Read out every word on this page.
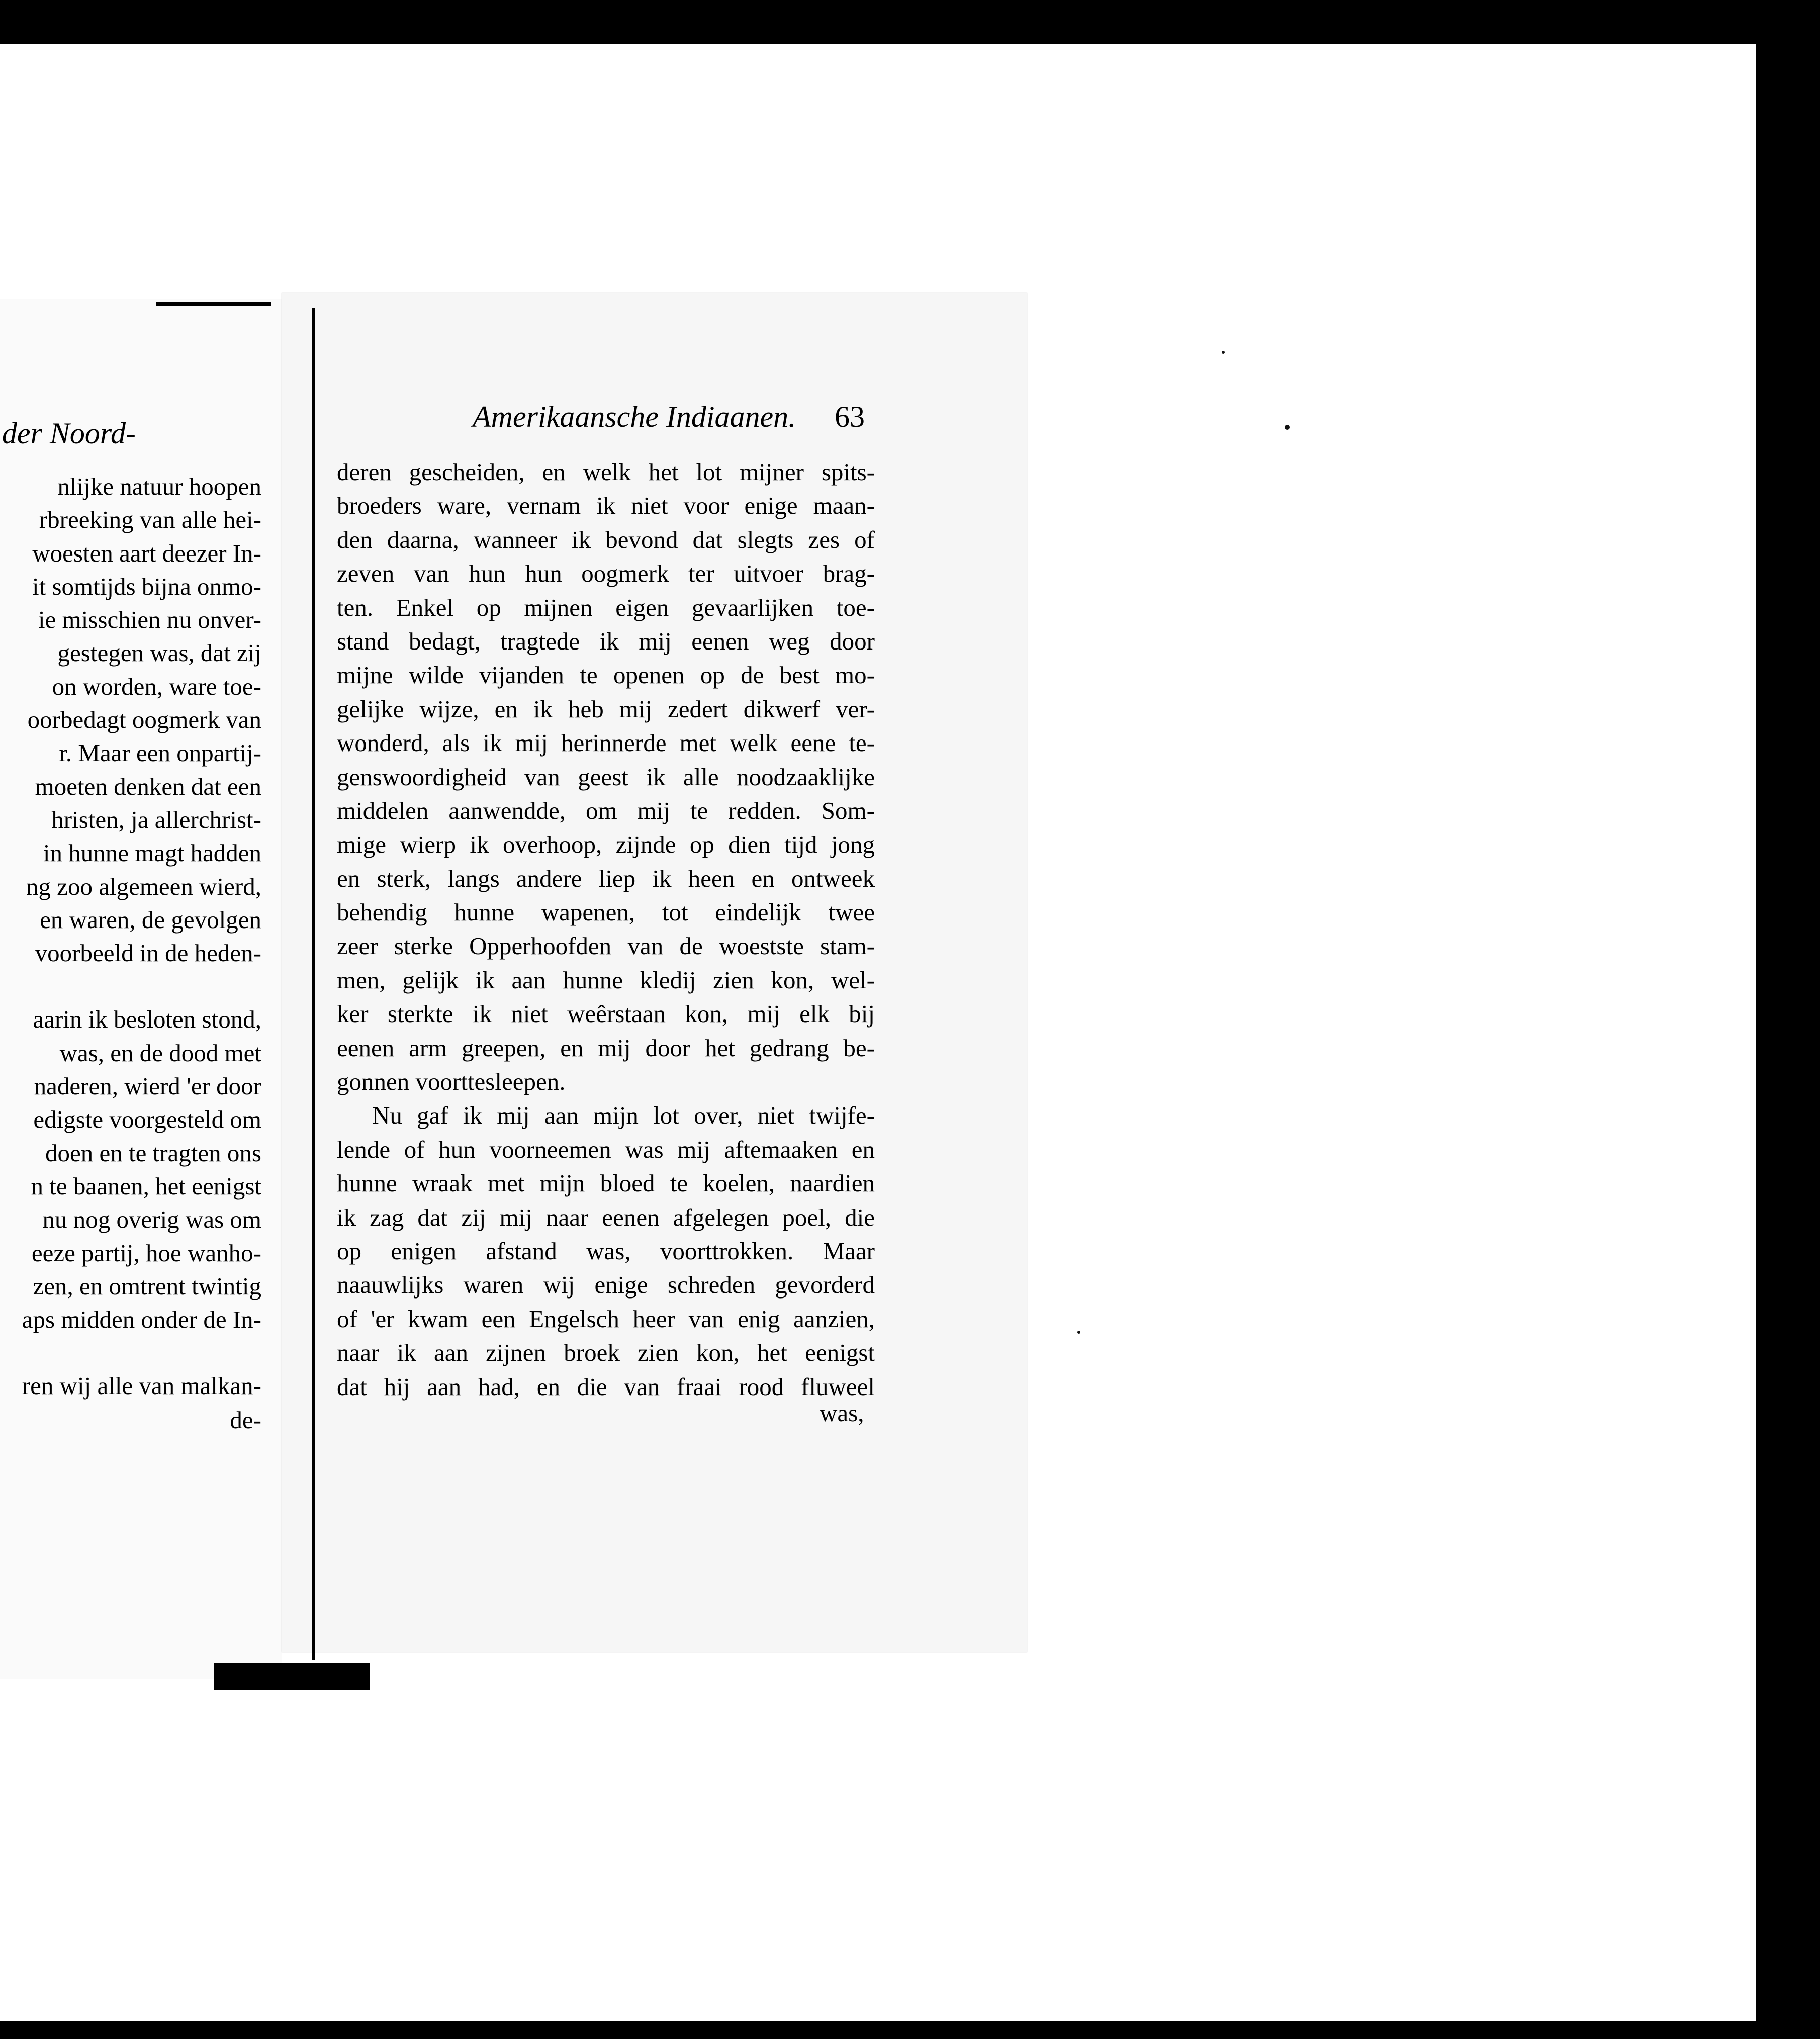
der Noord-
nlijke natuur hoopen
rbreeking van alle hei-
woesten aart deezer In-
it somtijds bijna onmo-
ie misschien nu onver-
gestegen was, dat zij
on worden, ware toe-
oorbedagt oogmerk van
r. Maar een onpartij-
moeten denken dat een
hristen, ja allerchrist-
in hunne magt hadden
ng zoo algemeen wierd,
en waren, de gevolgen
voorbeeld in de heden-
aarin ik besloten stond,
was, en de dood met
naderen, wierd 'er door
edigste voorgesteld om
doen en te tragten ons
n te baanen, het eenigst
nu nog overig was om
eeze partij, hoe wanho-
zen, en omtrent twintig
aps midden onder de In-
ren wij alle van malkan-
de-
Amerikaansche Indiaanen. 63
deren gescheiden, en welk het lot mijner spits-
broeders ware, vernam ik niet voor enige maan-
den daarna, wanneer ik bevond dat slegts zes of
zeven van hun hun oogmerk ter uitvoer brag-
ten. Enkel op mijnen eigen gevaarlijken toe-
stand bedagt, tragtede ik mij eenen weg door
mijne wilde vijanden te openen op de best mo-
gelijke wijze, en ik heb mij zedert dikwerf ver-
wonderd, als ik mij herinnerde met welk eene te-
genswoordigheid van geest ik alle noodzaaklijke
middelen aanwendde, om mij te redden. Som-
mige wierp ik overhoop, zijnde op dien tijd jong
en sterk, langs andere liep ik heen en ontweek
behendig hunne wapenen, tot eindelijk twee
zeer sterke Opperhoofden van de woestste stam-
men, gelijk ik aan hunne kledij zien kon, wel-
ker sterkte ik niet weêrstaan kon, mij elk bij
eenen arm greepen, en mij door het gedrang be-
gonnen voorttesleepen.
Nu gaf ik mij aan mijn lot over, niet twijfe-
lende of hun voorneemen was mij aftemaaken en
hunne wraak met mijn bloed te koelen, naardien
ik zag dat zij mij naar eenen afgelegen poel, die
op enigen afstand was, voorttrokken. Maar
naauwlijks waren wij enige schreden gevorderd
of 'er kwam een Engelsch heer van enig aanzien,
naar ik aan zijnen broek zien kon, het eenigst
dat hij aan had, en die van fraai rood fluweel
was,
